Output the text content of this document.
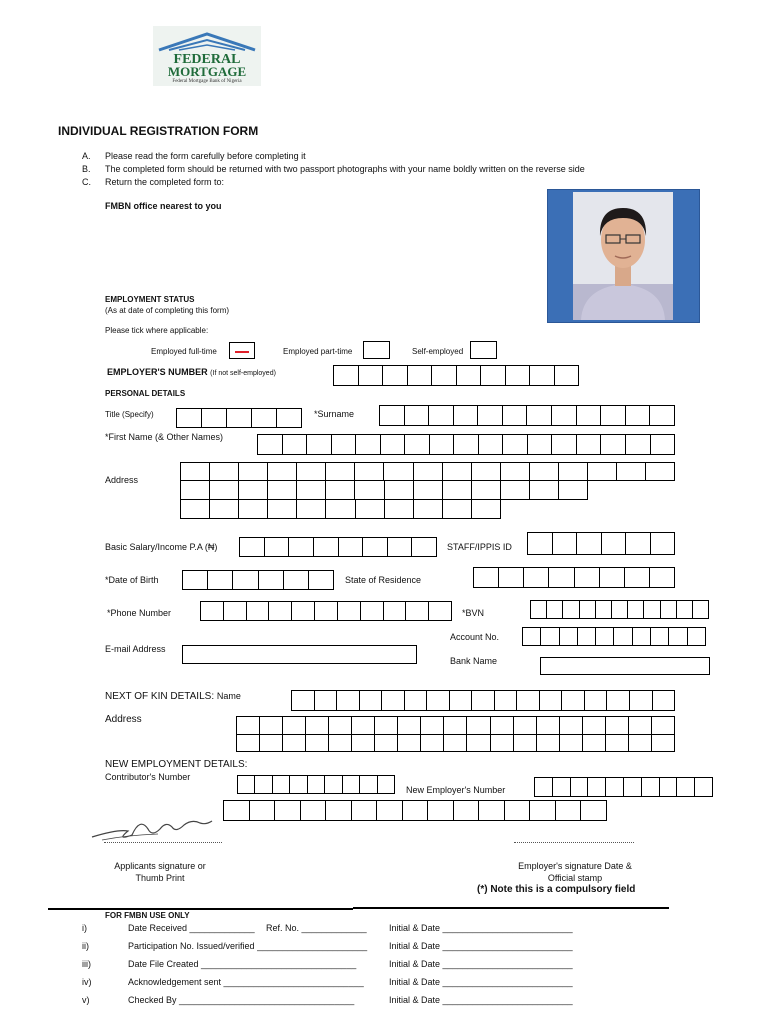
FEDERAL
MORTGAGE
Federal Mortgage Bank of Nigeria
INDIVIDUAL REGISTRATION FORM
A. Please read the form carefully before completing it
B. The completed form should be returned with two passport photographs with your name boldly written on the reverse side
C. Return the completed form to:
FMBN office nearest to you
EMPLOYMENT STATUS
(As at date of completing this form)
Please tick where applicable:
Employed full-time	Employed part-time	Self-employed
EMPLOYER'S NUMBER (If not self-employed)
PERSONAL DETAILS
Title (Specify)	*Surname
*First Name (& Other Names)
Address
Basic Salary/Income P.A (₦)	STAFF/IPPIS ID
*Date of Birth	State of Residence
*Phone Number	*BVN
Account No.
E-mail Address
Bank Name
NEXT OF KIN DETAILS: Name
Address
NEW EMPLOYMENT DETAILS:
Contributor's Number
New Employer's Number
Applicants signature or
Thumb Print
Employer's signature Date &
Official stamp
(*) Note this is a compulsory field
FOR FMBN USE ONLY
i)	Date Received _____________ Ref. No. _____________ Initial & Date __________________________
ii)	Participation No. Issued/verified ______________________ Initial & Date __________________________
iii)	Date File Created _______________________________	Initial & Date __________________________
iv)	Acknowledgement sent ____________________________	Initial & Date __________________________
v)	Checked By ___________________________________	Initial & Date __________________________
